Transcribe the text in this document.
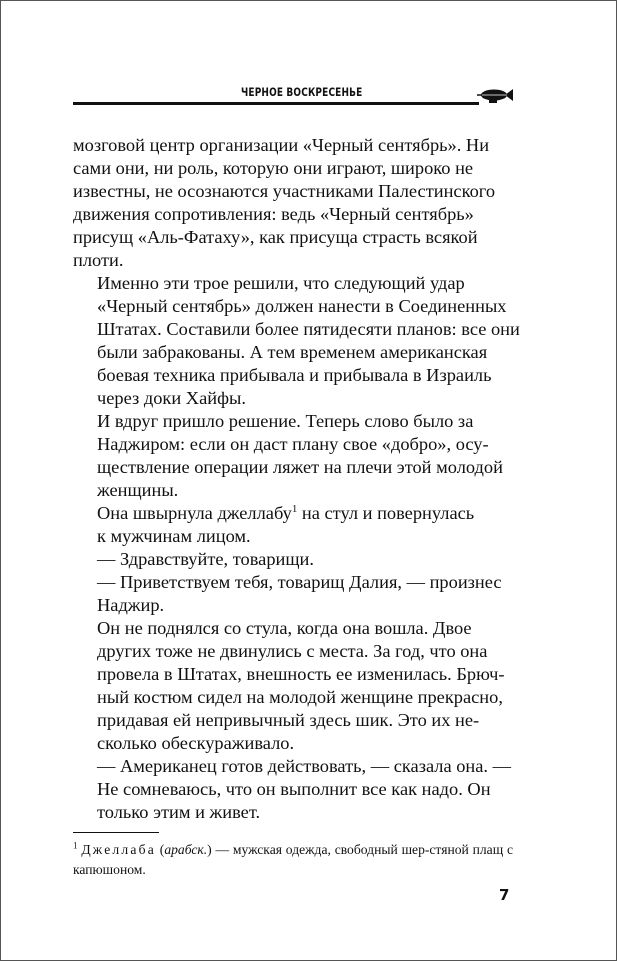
ЧЕРНОЕ ВОСКРЕСЕНЬЕ

мозговой центр организации «Черный сентябрь». Ни
сами они, ни роль, которую они играют, широко не
известны, не осознаются участниками Палестинского
движения сопротивления: ведь «Черный сентябрь»
присущ «Аль-Фатаху», как присуща страсть всякой
плоти.

Именно эти трое решили, что следующий удар
«Черный сентябрь» должен нанести в Соединенных
Штатах. Составили более пятидесяти планов: все они
были забракованы. А тем временем американская
боевая техника прибывала и прибывала в Израиль
через доки Хайфы.

И вдруг пришло решение. Теперь слово было за
Наджиром: если он даст плану свое «добро», осу-
ществление операции ляжет на плечи этой молодой
женщины.

Она швырнула джеллабу$^1$ на стул и повернулась
к мужчинам лицом.

— Здравствуйте, товарищи.

— Приветствуем тебя, товарищ Далия, — произнес
Наджир.

Он не поднялся со стула, когда она вошла. Двое
других тоже не двинулись с места. За год, что она
провела в Штатах, внешность ее изменилась. Брюч-
ный костюм сидел на молодой женщине прекрасно,
придавая ей непривычный здесь шик. Это их не-
сколько обескураживало.

— Американец готов действовать, — сказала она. —
Не сомневаюсь, что он выполнит все как надо. Он
только этим и живет.

$^1$ Джеллаба (арабск.) — мужская одежда, свободный шер-стяной плащ с капюшоном.
7
